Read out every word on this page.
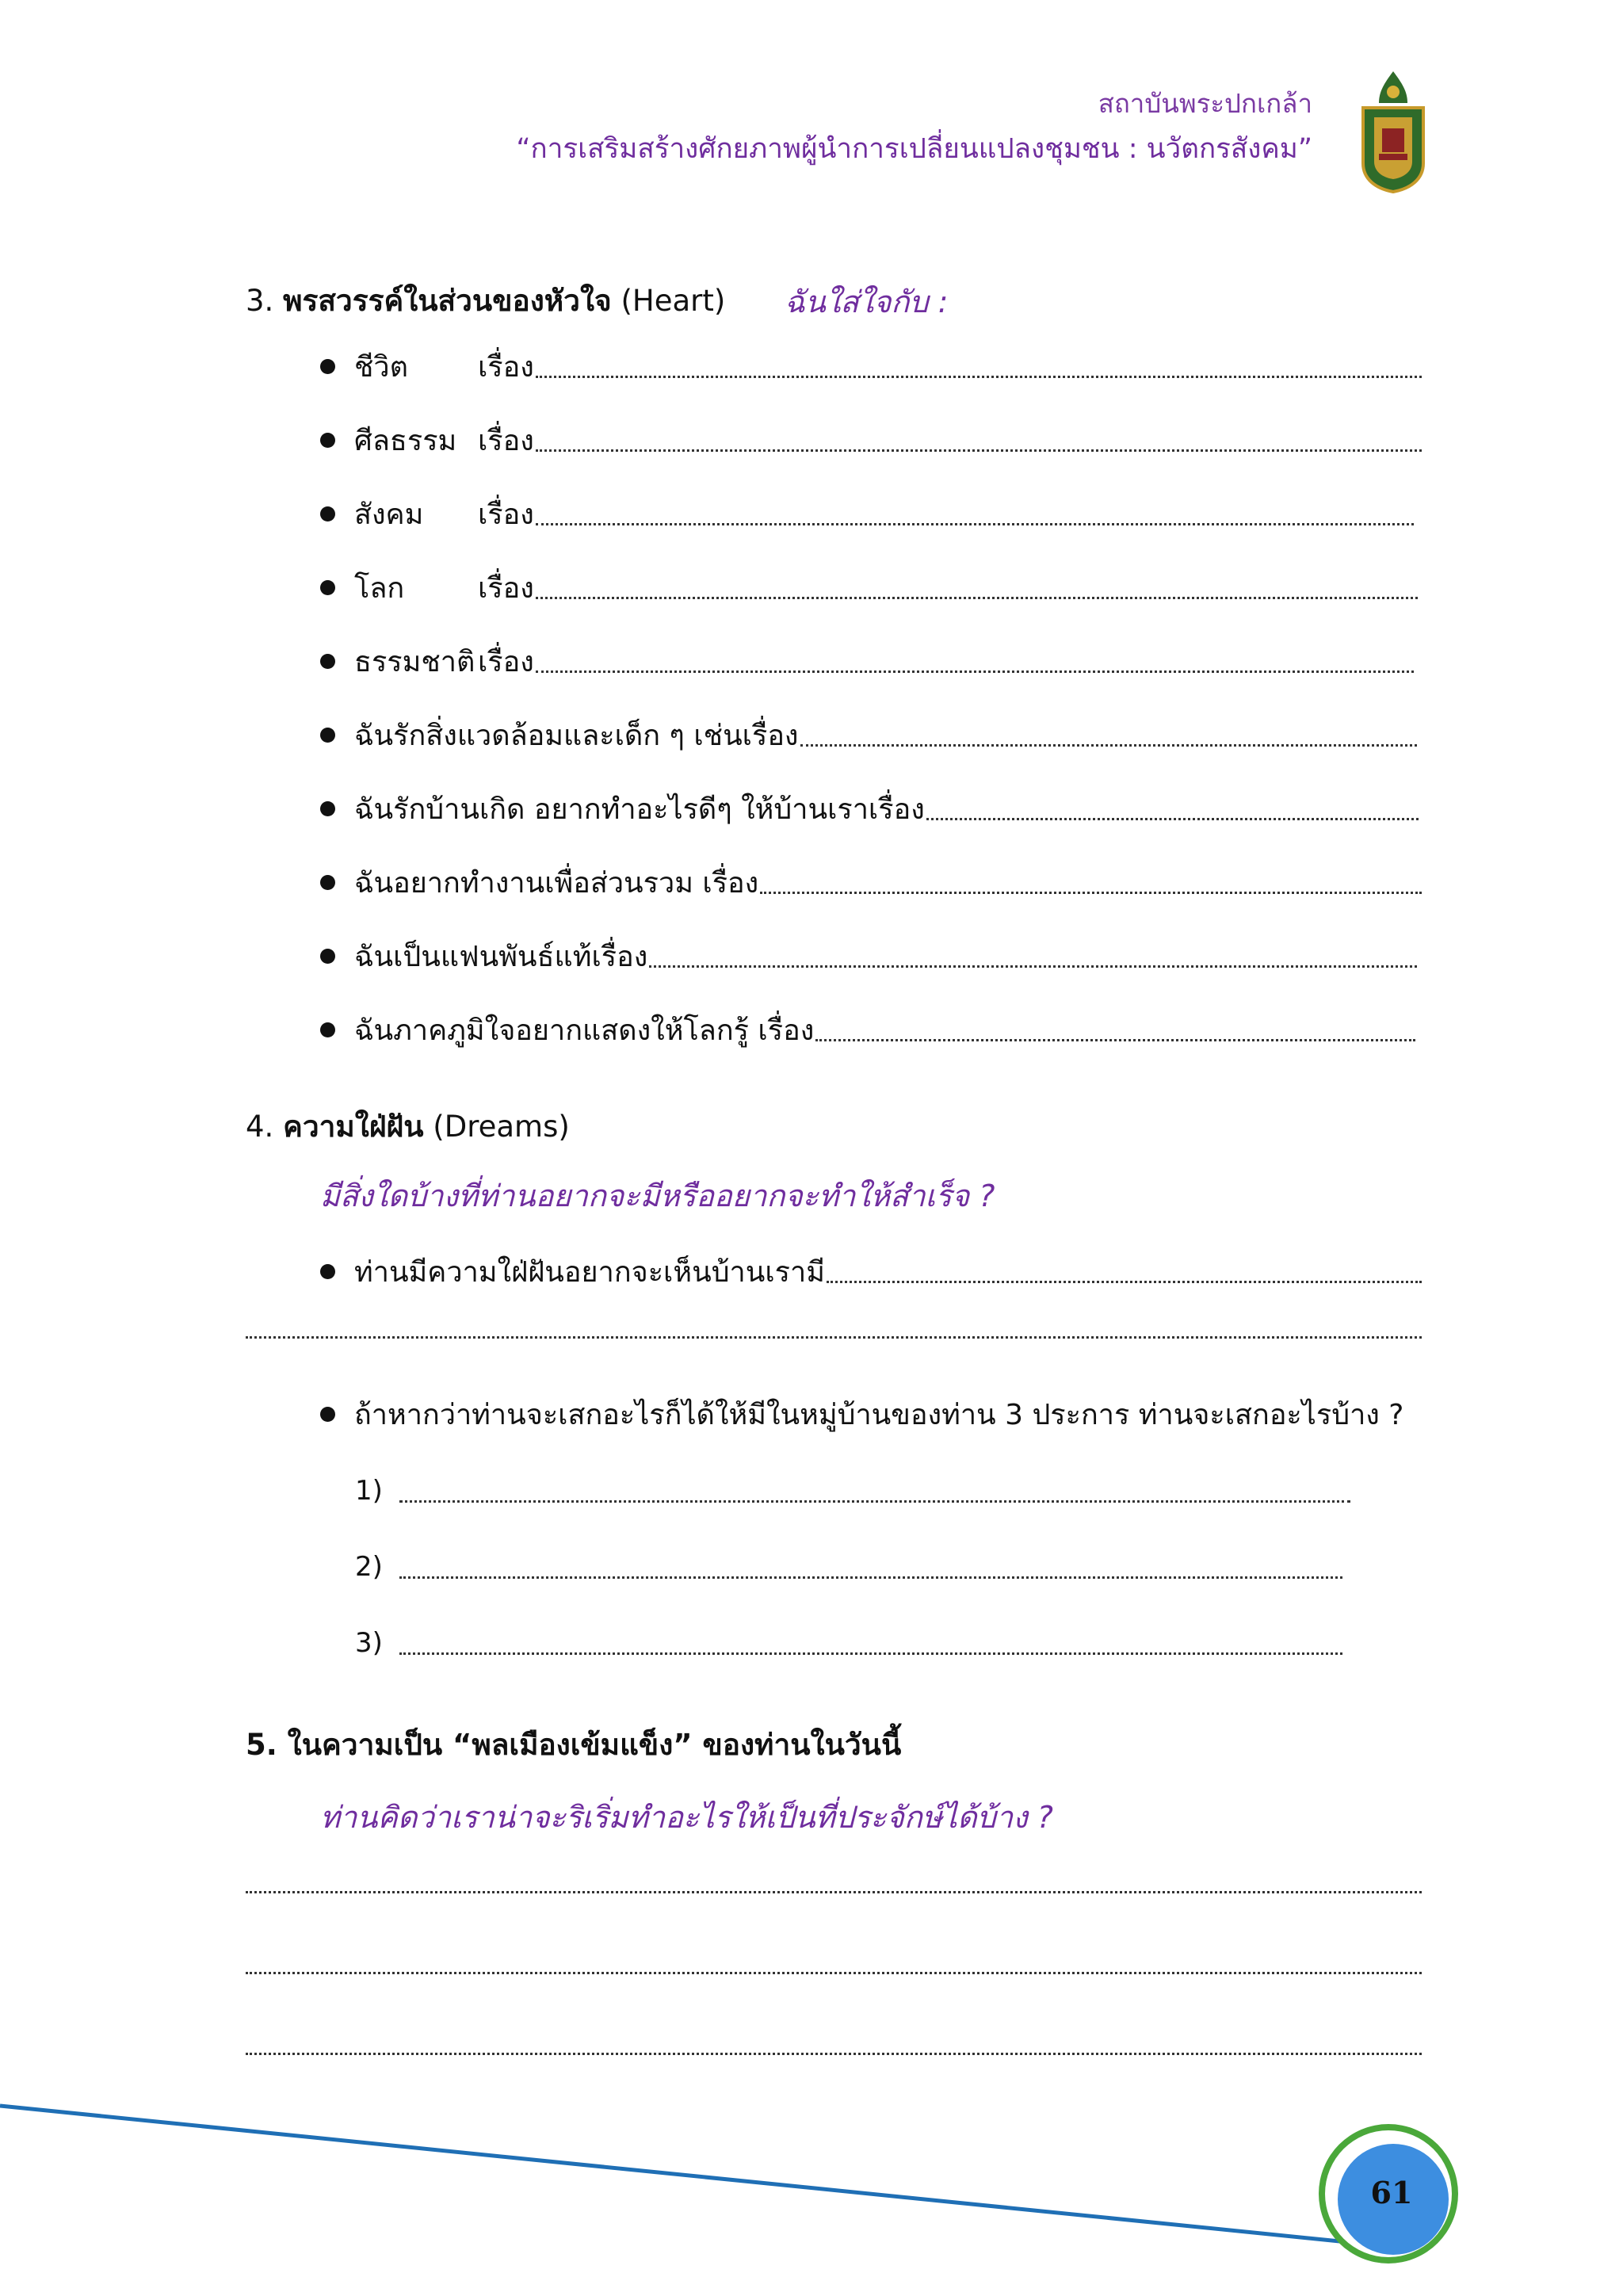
สถาบันพระปกเกล้า
“การเสริมสร้างศักยภาพผู้นำการเปลี่ยนแปลงชุมชน : นวัตกรสังคม”
3. พรสวรรค์ในส่วนของหัวใจ (Heart) ฉันใส่ใจกับ :
ชีวิต	เรื่อง
ศีลธรรม เรื่อง
สังคม	เรื่อง
โลก	เรื่อง
ธรรมชาติ เรื่อง
ฉันรักสิ่งแวดล้อมและเด็ก ๆ เช่นเรื่อง
ฉันรักบ้านเกิด อยากทำอะไรดีๆ ให้บ้านเราเรื่อง
ฉันอยากทำงานเพื่อส่วนรวม เรื่อง
ฉันเป็นแฟนพันธ์แท้เรื่อง
ฉันภาคภูมิใจอยากแสดงให้โลกรู้ เรื่อง
4. ความใฝ่ฝัน (Dreams)
มีสิ่งใดบ้างที่ท่านอยากจะมีหรืออยากจะทำให้สำเร็จ ?
ท่านมีความใฝ่ฝันอยากจะเห็นบ้านเรามี
ถ้าหากว่าท่านจะเสกอะไรก็ได้ให้มีในหมู่บ้านของท่าน 3 ประการ ท่านจะเสกอะไรบ้าง ?
1)
2)
3)
5. ในความเป็น “พลเมืองเข้มแข็ง” ของท่านในวันนี้
ท่านคิดว่าเราน่าจะริเริ่มทำอะไรให้เป็นที่ประจักษ์ได้บ้าง ?
61
